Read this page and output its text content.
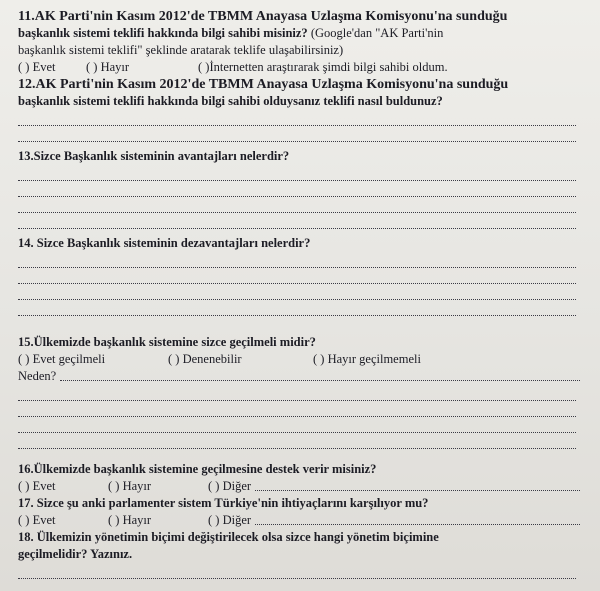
11.AK Parti'nin Kasım 2012'de TBMM Anayasa Uzlaşma Komisyonu'na sunduğu
başkanlık sistemi teklifi hakkında bilgi sahibi misiniz? (Google'dan "AK Parti'nin
başkanlık sistemi teklifi" şeklinde aratarak teklife ulaşabilirsiniz)
( ) Evet	( ) Hayır	( )İnternetten araştırarak şimdi bilgi sahibi oldum.
12.AK Parti'nin Kasım 2012'de TBMM Anayasa Uzlaşma Komisyonu'na sunduğu
başkanlık sistemi teklifi hakkında bilgi sahibi olduysanız teklifi nasıl buldunuz?
13.Sizce Başkanlık sisteminin avantajları nelerdir?
14. Sizce Başkanlık sisteminin dezavantajları nelerdir?
15.Ülkemizde başkanlık sistemine sizce geçilmeli midir?
( ) Evet geçilmeli	( ) Denenebilir	( ) Hayır geçilmemeli
Neden?
16.Ülkemizde başkanlık sistemine geçilmesine destek verir misiniz?
( ) Evet	( ) Hayır	( ) Diğer
17. Sizce şu anki parlamenter sistem Türkiye'nin ihtiyaçlarını karşılıyor mu?
( ) Evet	( ) Hayır	( ) Diğer
18. Ülkemizin yönetimin biçimi değiştirilecek olsa sizce hangi yönetim biçimine
geçilmelidir? Yazınız.
